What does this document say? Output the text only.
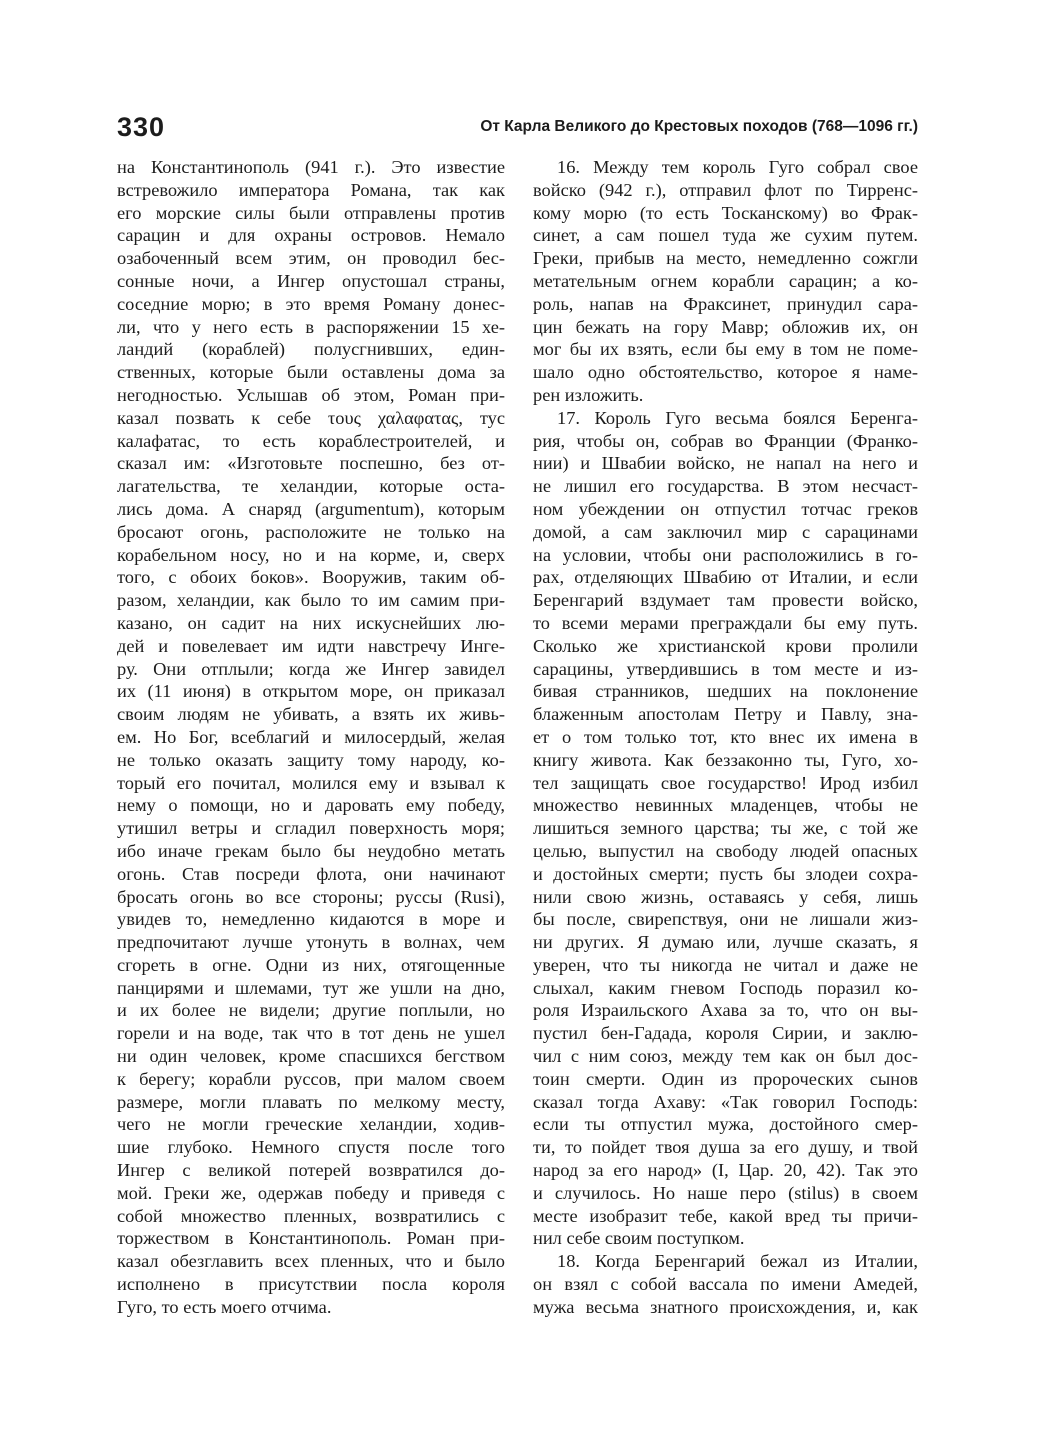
330	От Карла Великого до Крестовых походов (768—1096 гг.)
на Константинополь (941 г.). Это известие
встревожило императора Романа, так как
его морские силы были отправлены против
сарацин и для охраны островов. Немало
озабоченный всем этим, он проводил бес-
сонные ночи, а Ингер опустошал страны,
соседние морю; в это время Роману донес-
ли, что у него есть в распоряжении 15 хе-
ландий (кораблей) полусгнивших, един-
ственных, которые были оставлены дома за
негодностью. Услышав об этом, Роман при-
казал позвать к себе τους χαλαφατας, тус
калафатас, то есть кораблестроителей, и
сказал им: «Изготовьте поспешно, без от-
лагательства, те хеландии, которые оста-
лись дома. А снаряд (argumentum), которым
бросают огонь, расположите не только на
корабельном носу, но и на корме, и, сверх
того, с обоих боков». Вооружив, таким об-
разом, хеландии, как было то им самим при-
казано, он садит на них искуснейших лю-
дей и повелевает им идти навстречу Инге-
ру. Они отплыли; когда же Ингер завидел
их (11 июня) в открытом море, он приказал
своим людям не убивать, а взять их живь-
ем. Но Бог, всеблагий и милосердый, желая
не только оказать защиту тому народу, ко-
торый его почитал, молился ему и взывал к
нему о помощи, но и даровать ему победу,
утишил ветры и сгладил поверхность моря;
ибо иначе грекам было бы неудобно метать
огонь. Став посреди флота, они начинают
бросать огонь во все стороны; руссы (Rusi),
увидев то, немедленно кидаются в море и
предпочитают лучше утонуть в волнах, чем
сгореть в огне. Одни из них, отягощенные
панцирями и шлемами, тут же ушли на дно,
и их более не видели; другие поплыли, но
горели и на воде, так что в тот день не ушел
ни один человек, кроме спасшихся бегством
к берегу; корабли руссов, при малом своем
размере, могли плавать по мелкому месту,
чего не могли греческие хеландии, ходив-
шие глубоко. Немного спустя после того
Ингер с великой потерей возвратился до-
мой. Греки же, одержав победу и приведя с
собой множество пленных, возвратились с
торжеством в Константинополь. Роман при-
казал обезглавить всех пленных, что и было
исполнено в присутствии посла короля
Гуго, то есть моего отчима.
16. Между тем король Гуго собрал свое
войско (942 г.), отправил флот по Тирренс-
кому морю (то есть Тосканскому) во Фрак-
синет, а сам пошел туда же сухим путем.
Греки, прибыв на место, немедленно сожгли
метательным огнем корабли сарацин; а ко-
роль, напав на Фраксинет, принудил сара-
цин бежать на гору Мавр; обложив их, он
мог бы их взять, если бы ему в том не поме-
шало одно обстоятельство, которое я наме-
рен изложить.
17. Король Гуго весьма боялся Беренга-
рия, чтобы он, собрав во Франции (Франко-
нии) и Швабии войско, не напал на него и
не лишил его государства. В этом несчаст-
ном убеждении он отпустил тотчас греков
домой, а сам заключил мир с сарацинами
на условии, чтобы они расположились в го-
рах, отделяющих Швабию от Италии, и если
Беренгарий вздумает там провести войско,
то всеми мерами преграждали бы ему путь.
Сколько же христианской крови пролили
сарацины, утвердившись в том месте и из-
бивая странников, шедших на поклонение
блаженным апостолам Петру и Павлу, зна-
ет о том только тот, кто внес их имена в
книгу живота. Как беззаконно ты, Гуго, хо-
тел защищать свое государство! Ирод избил
множество невинных младенцев, чтобы не
лишиться земного царства; ты же, с той же
целью, выпустил на свободу людей опасных
и достойных смерти; пусть бы злодеи сохра-
нили свою жизнь, оставаясь у себя, лишь
бы после, свирепствуя, они не лишали жиз-
ни других. Я думаю или, лучше сказать, я
уверен, что ты никогда не читал и даже не
слыхал, каким гневом Господь поразил ко-
роля Израильского Ахава за то, что он вы-
пустил бен-Гадада, короля Сирии, и заклю-
чил с ним союз, между тем как он был дос-
тоин смерти. Один из пророческих сынов
сказал тогда Ахаву: «Так говорил Господь:
если ты отпустил мужа, достойного смер-
ти, то пойдет твоя душа за его душу, и твой
народ за его народ» (I, Цар. 20, 42). Так это
и случилось. Но наше перо (stilus) в своем
месте изобразит тебе, какой вред ты причи-
нил себе своим поступком.
18. Когда Беренгарий бежал из Италии,
он взял с собой вассала по имени Амедей,
мужа весьма знатного происхождения, и, как
